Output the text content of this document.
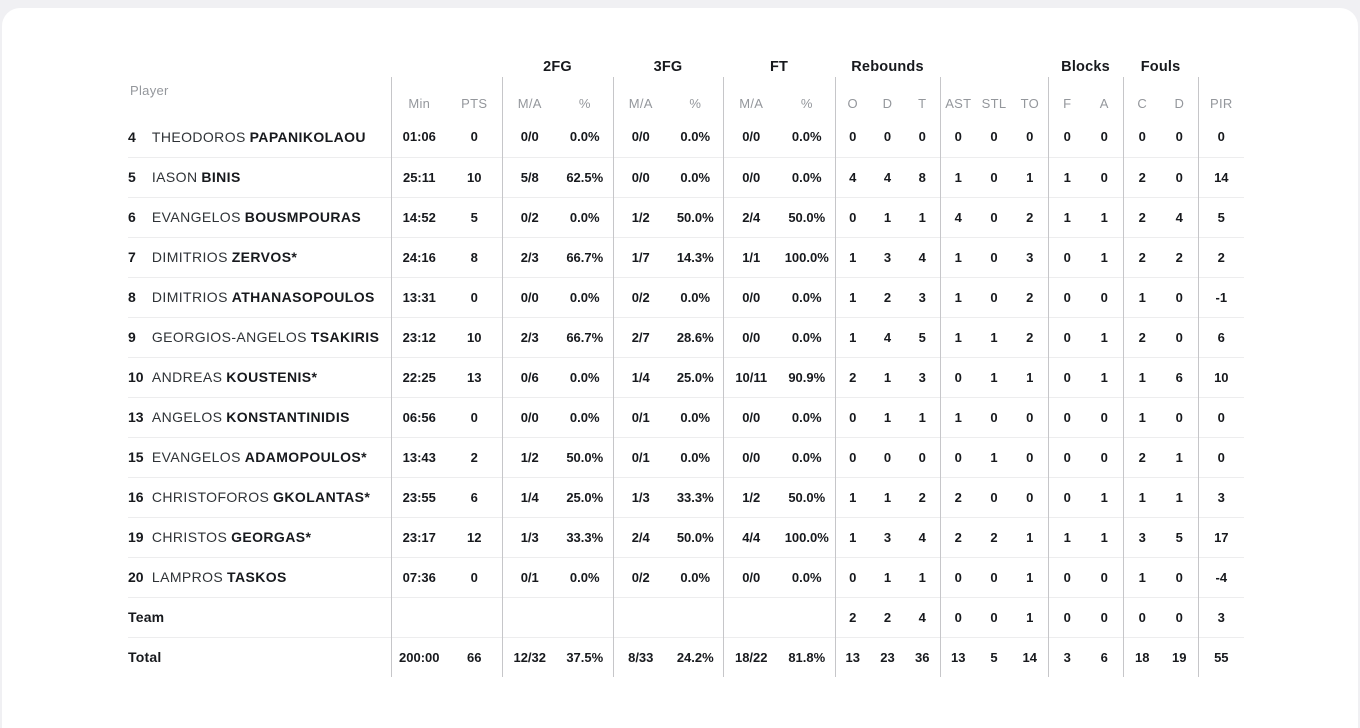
			2FG		3FG		FT		Rebounds						Blocks		Fouls		
Player	Min	PTS	M/A	%	M/A	%	M/A	%	O	D	T	AST	STL	TO	F	A	C	D	PIR
4 THEODOROS PAPANIKOLAOU	01:06	0	0/0	0.0%	0/0	0.0%	0/0	0.0%	0	0	0	0	0	0	0	0	0	0	0
5 IASON BINIS	25:11	10	5/8	62.5%	0/0	0.0%	0/0	0.0%	4	4	8	1	0	1	1	0	2	0	14
6 EVANGELOS BOUSMPOURAS	14:52	5	0/2	0.0%	1/2	50.0%	2/4	50.0%	0	1	1	4	0	2	1	1	2	4	5
7 DIMITRIOS ZERVOS*	24:16	8	2/3	66.7%	1/7	14.3%	1/1	100.0%	1	3	4	1	0	3	0	1	2	2	2
8 DIMITRIOS ATHANASOPOULOS	13:31	0	0/0	0.0%	0/2	0.0%	0/0	0.0%	1	2	3	1	0	2	0	0	1	0	-1
9 GEORGIOS-ANGELOS TSAKIRIS	23:12	10	2/3	66.7%	2/7	28.6%	0/0	0.0%	1	4	5	1	1	2	0	1	2	0	6
10 ANDREAS KOUSTENIS*	22:25	13	0/6	0.0%	1/4	25.0%	10/11	90.9%	2	1	3	0	1	1	0	1	1	6	10
13 ANGELOS KONSTANTINIDIS	06:56	0	0/0	0.0%	0/1	0.0%	0/0	0.0%	0	1	1	1	0	0	0	0	1	0	0
15 EVANGELOS ADAMOPOULOS*	13:43	2	1/2	50.0%	0/1	0.0%	0/0	0.0%	0	0	0	0	1	0	0	0	2	1	0
16 CHRISTOFOROS GKOLANTAS*	23:55	6	1/4	25.0%	1/3	33.3%	1/2	50.0%	1	1	2	2	0	0	0	1	1	1	3
19 CHRISTOS GEORGAS*	23:17	12	1/3	33.3%	2/4	50.0%	4/4	100.0%	1	3	4	2	2	1	1	1	3	5	17
20 LAMPROS TASKOS	07:36	0	0/1	0.0%	0/2	0.0%	0/0	0.0%	0	1	1	0	0	1	0	0	1	0	-4
Team									2	2	4	0	0	1	0	0	0	0	3
Total	200:00	66	12/32	37.5%	8/33	24.2%	18/22	81.8%	13	23	36	13	5	14	3	6	18	19	55
